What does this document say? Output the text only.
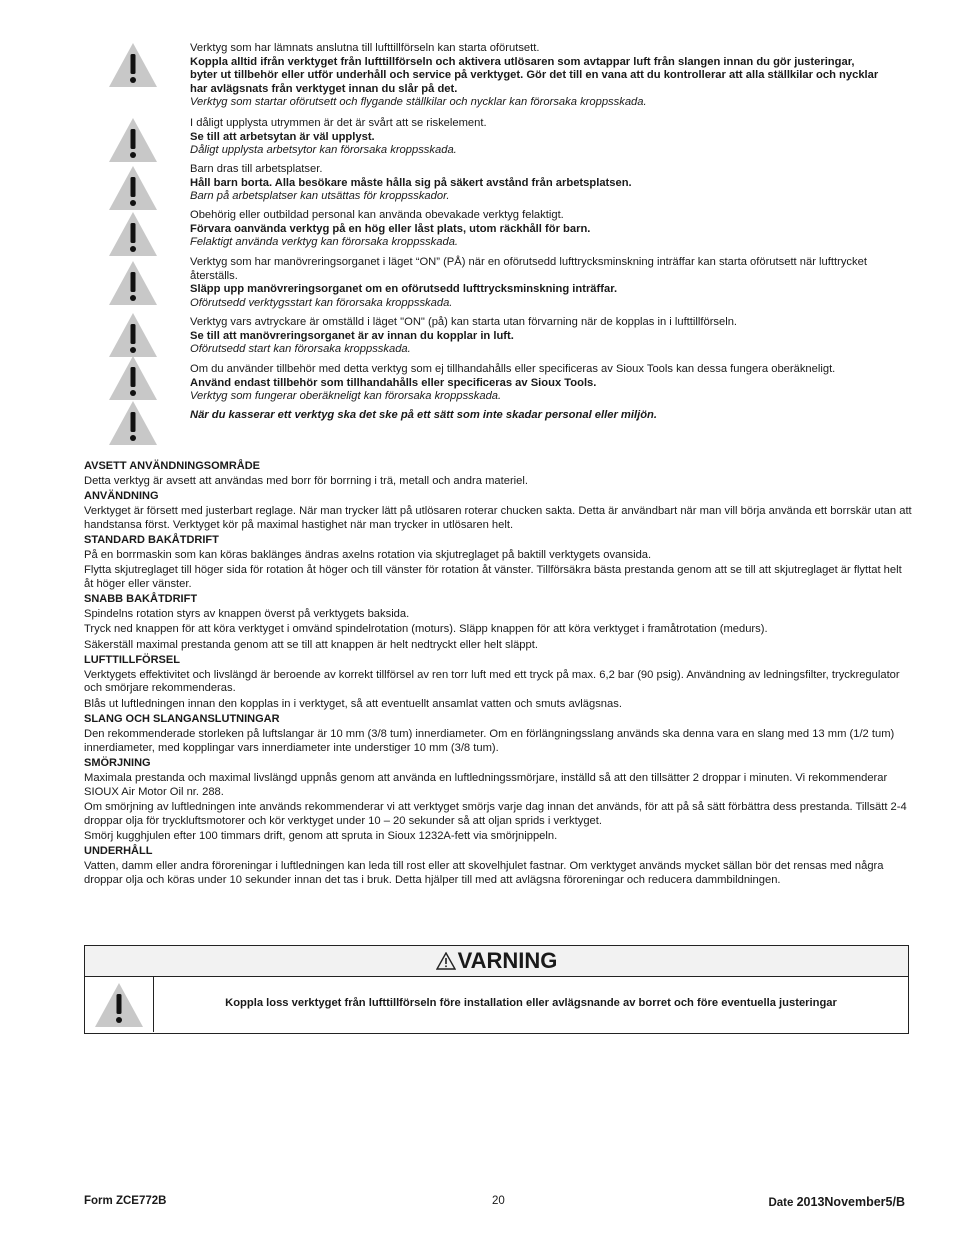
Verktyg som har lämnats anslutna till lufttillförseln kan starta oförutsett.
Koppla alltid ifrån verktyget från lufttillförseln och aktivera utlösaren som avtappar luft från slangen innan du gör justeringar,
byter ut tillbehör eller utför underhåll och service på verktyget. Gör det till en vana att du kontrollerar att alla ställkilar och nycklar
har avlägsnats från verktyget innan du slår på det.
Verktyg som startar oförutsett och flygande ställkilar och nycklar kan förorsaka kroppsskada.
I dåligt upplysta utrymmen är det är svårt att se riskelement.
Se till att arbetsytan är väl upplyst.
Dåligt upplysta arbetsytor kan förorsaka kroppsskada.
Barn dras till arbetsplatser.
Håll barn borta. Alla besökare måste hålla sig på säkert avstånd från arbetsplatsen.
Barn på arbetsplatser kan utsättas för kroppsskador.
Obehörig eller outbildad personal kan använda obevakade verktyg felaktigt.
Förvara oanvända verktyg på en hög eller låst plats, utom räckhåll för barn.
Felaktigt använda verktyg kan förorsaka kroppsskada.
Verktyg som har manövreringsorganet i läget “ON” (PÅ) när en oförutsedd lufttrycksminskning inträffar kan starta oförutsett när lufttrycket
återställs.
Släpp upp manövreringsorganet om en oförutsedd lufttrycksminskning inträffar.
Oförutsedd verktygsstart kan förorsaka kroppsskada.
Verktyg vars avtryckare är omställd i läget "ON" (på) kan starta utan förvarning när de kopplas in i lufttillförseln.
Se till att manövreringsorganet är av innan du kopplar in luft.
Oförutsedd start kan förorsaka kroppsskada.
Om du använder tillbehör med detta verktyg som ej tillhandahålls eller specificeras av Sioux Tools kan dessa fungera oberäkneligt.
Använd endast tillbehör som tillhandahålls eller specificeras av Sioux Tools.
Verktyg som fungerar oberäkneligt kan förorsaka kroppsskada.
När du kasserar ett verktyg ska det ske på ett sätt som inte skadar personal eller miljön.
AVSETT ANVÄNDNINGSOMRÅDE
Detta verktyg är avsett att användas med borr för borrning i trä, metall och andra materiel.
ANVÄNDNING
Verktyget är försett med justerbart reglage. När man trycker lätt på utlösaren roterar chucken sakta. Detta är användbart när man vill börja använda ett borrskär utan att handstansa först. Verktyget kör på maximal hastighet när man trycker in utlösaren helt.
STANDARD BAKÅTDRIFT
På en borrmaskin som kan köras baklänges ändras axelns rotation via skjutreglaget på baktill verktygets ovansida.
Flytta skjutreglaget till höger sida för rotation åt höger och till vänster för rotation åt vänster. Tillförsäkra bästa prestanda genom att se till att skjutreglaget är flyttat helt åt höger eller vänster.
SNABB BAKÅTDRIFT
Spindelns rotation styrs av knappen överst på verktygets baksida.
Tryck ned knappen för att köra verktyget i omvänd spindelrotation (moturs). Släpp knappen för att köra verktyget i framåtrotation (medurs).
Säkerställ maximal prestanda genom att se till att knappen är helt nedtryckt eller helt släppt.
LUFTTILLFÖRSEL
Verktygets effektivitet och livslängd är beroende av korrekt tillförsel av ren torr luft med ett tryck på max. 6,2 bar (90 psig). Användning av ledningsfilter, tryckregulator och smörjare rekommenderas.
Blås ut luftledningen innan den kopplas in i verktyget, så att eventuellt ansamlat vatten och smuts avlägsnas.
SLANG OCH SLANGANSLUTNINGAR
Den rekommenderade storleken på luftslangar är 10 mm (3/8 tum) innerdiameter. Om en förlängningsslang används ska denna vara en slang med 13 mm (1/2 tum) innerdiameter, med kopplingar vars innerdiameter inte understiger 10 mm (3/8 tum).
SMÖRJNING
Maximala prestanda och maximal livslängd uppnås genom att använda en luftledningssmörjare, inställd så att den tillsätter 2 droppar i minuten. Vi rekommenderar SIOUX Air Motor Oil nr. 288.
Om smörjning av luftledningen inte används rekommenderar vi att verktyget smörjs varje dag innan det används, för att på så sätt förbättra dess prestanda. Tillsätt 2-4 droppar olja för tryckluftsmotorer och kör verktyget under 10 – 20 sekunder så att oljan sprids i verktyget.
Smörj kugghjulen efter 100 timmars drift, genom att spruta in Sioux 1232A-fett via smörjnippeln.
UNDERHÅLL
Vatten, damm eller andra föroreningar i luftledningen kan leda till rost eller att skovelhjulet fastnar. Om verktyget används mycket sällan bör det rensas med några droppar olja och köras under 10 sekunder innan det tas i bruk. Detta hjälper till med att avlägsna föroreningar och reducera dammbildningen.
VARNING
Koppla loss verktyget från lufttillförseln före installation eller avlägsnande av borret och före eventuella justeringar
Form ZCE772B	20	Date 2013November5/B
